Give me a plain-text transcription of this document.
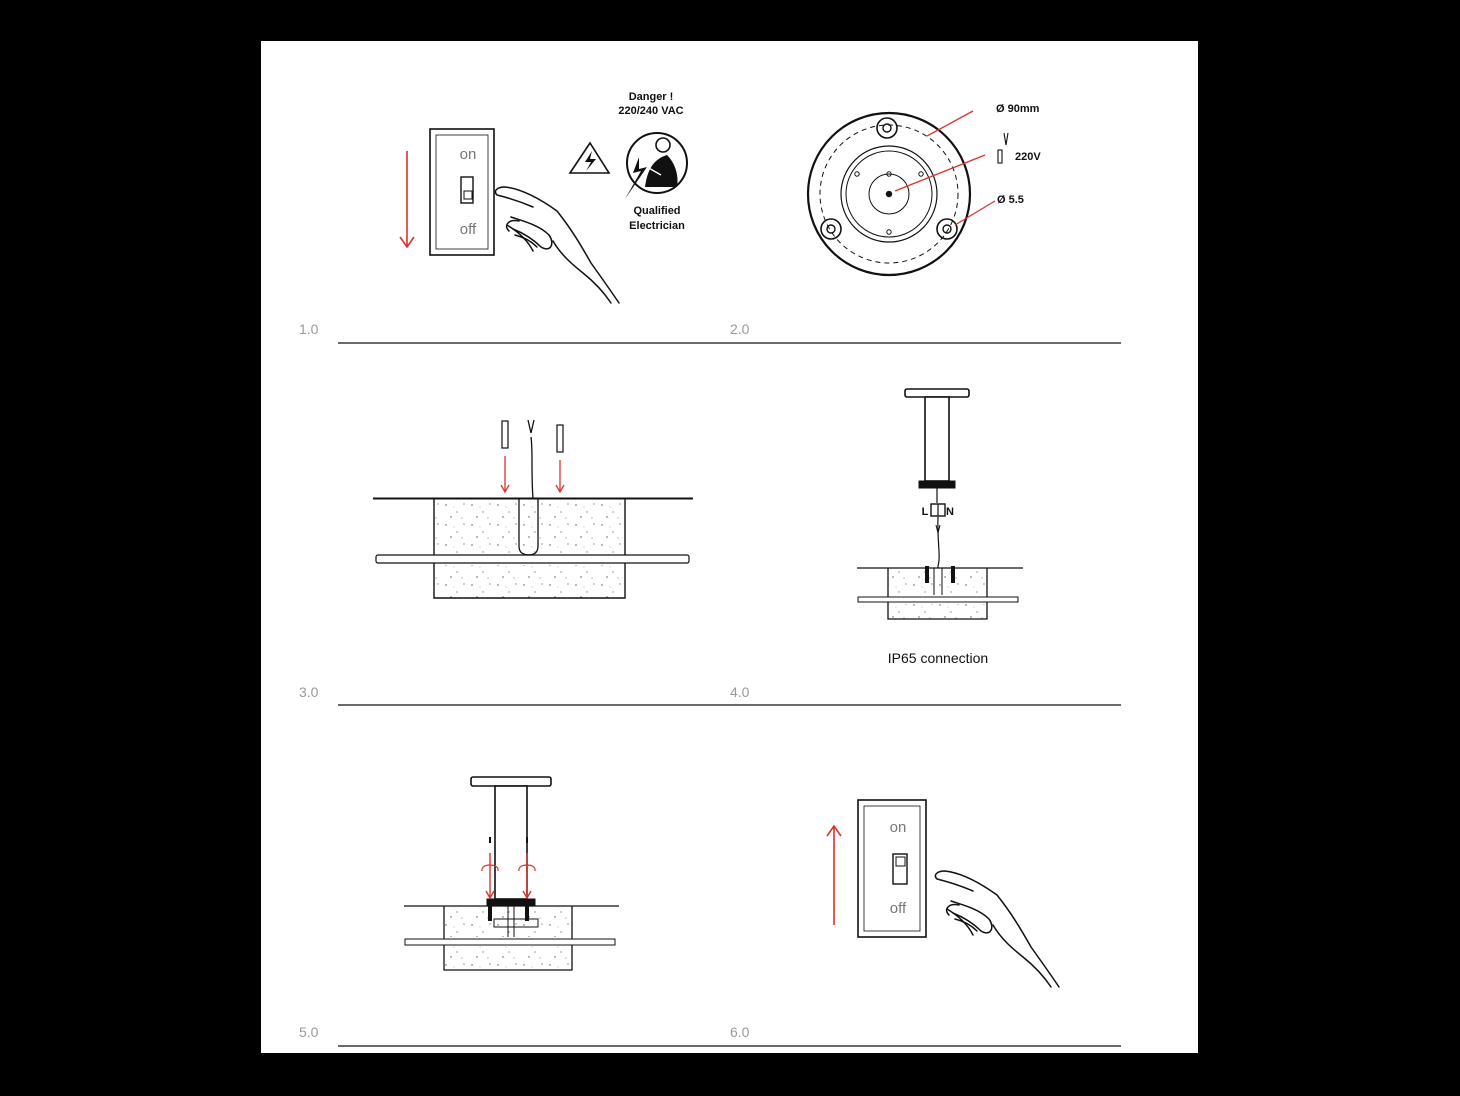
on
off
Danger !
220/240 VAC
Qualified
Electrician
Ø 90mm
220V
Ø 5.5
L N
IP65 connection
on
off
1.0	2.0
3.0	4.0
5.0	6.0
